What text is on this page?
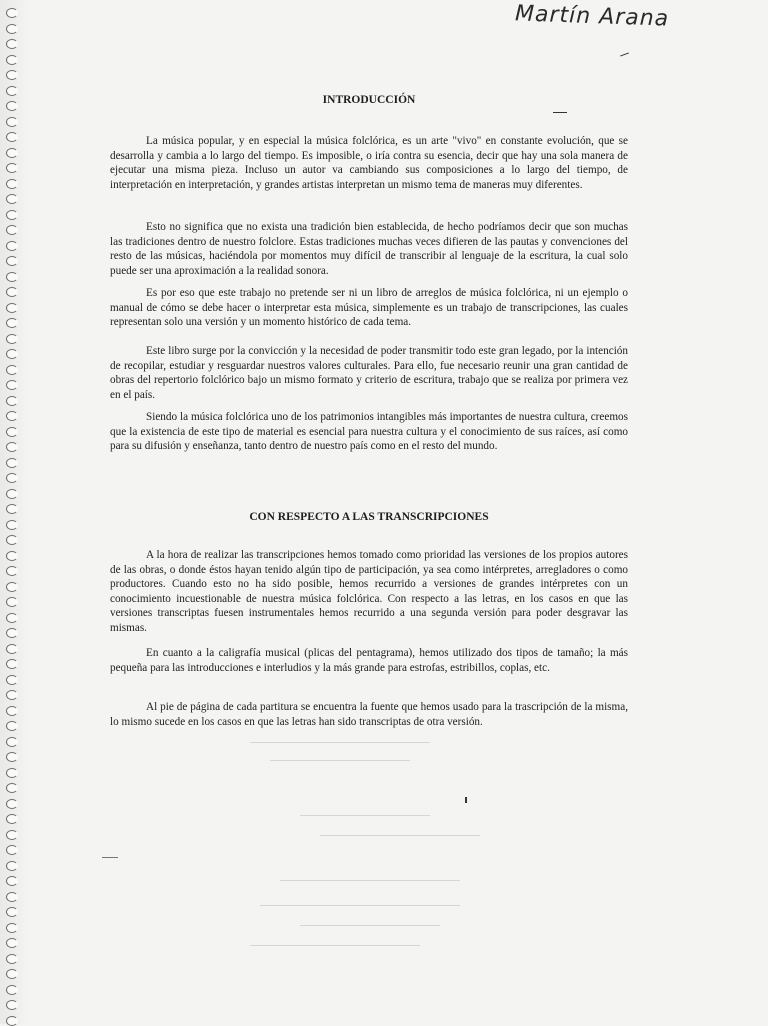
Martín Arana

INTRODUCCIÓN

La música popular, y en especial la música folclórica, es un arte "vivo" en constante evolución, que se desarrolla y cambia a lo largo del tiempo. Es imposible, o iría contra su esencia, decir que hay una sola manera de ejecutar una misma pieza. Incluso un autor va cambiando sus composiciones a lo largo del tiempo, de interpretación en interpretación, y grandes artistas interpretan un mismo tema de maneras muy diferentes.

Esto no significa que no exista una tradición bien establecida, de hecho podríamos decir que son muchas las tradiciones dentro de nuestro folclore. Estas tradiciones muchas veces difieren de las pautas y convenciones del resto de las músicas, haciéndola por momentos muy difícil de transcribir al lenguaje de la escritura, la cual solo puede ser una aproximación a la realidad sonora.

Es por eso que este trabajo no pretende ser ni un libro de arreglos de música folclórica, ni un ejemplo o manual de cómo se debe hacer o interpretar esta música, simplemente es un trabajo de transcripciones, las cuales representan solo una versión y un momento histórico de cada tema.

Este libro surge por la convicción y la necesidad de poder transmitir todo este gran legado, por la intención de recopilar, estudiar y resguardar nuestros valores culturales. Para ello, fue necesario reunir una gran cantidad de obras del repertorio folclórico bajo un mismo formato y criterio de escritura, trabajo que se realiza por primera vez en el país.

Siendo la música folclórica uno de los patrimonios intangibles más importantes de nuestra cultura, creemos que la existencia de este tipo de material es esencial para nuestra cultura y el conocimiento de sus raíces, así como para su difusión y enseñanza, tanto dentro de nuestro país como en el resto del mundo.

CON RESPECTO A LAS TRANSCRIPCIONES

A la hora de realizar las transcripciones hemos tomado como prioridad las versiones de los propios autores de las obras, o donde éstos hayan tenido algún tipo de participación, ya sea como intérpretes, arregladores o como productores. Cuando esto no ha sido posible, hemos recurrido a versiones de grandes intérpretes con un conocimiento incuestionable de nuestra música folclórica. Con respecto a las letras, en los casos en que las versiones transcriptas fuesen instrumentales hemos recurrido a una segunda versión para poder desgravar las mismas.

En cuanto a la caligrafía musical (plicas del pentagrama), hemos utilizado dos tipos de tamaño; la más pequeña para las introducciones e interludios y la más grande para estrofas, estribillos, coplas, etc.

Al pie de página de cada partitura se encuentra la fuente que hemos usado para la trascripción de la misma, lo mismo sucede en los casos en que las letras han sido transcriptas de otra versión.
